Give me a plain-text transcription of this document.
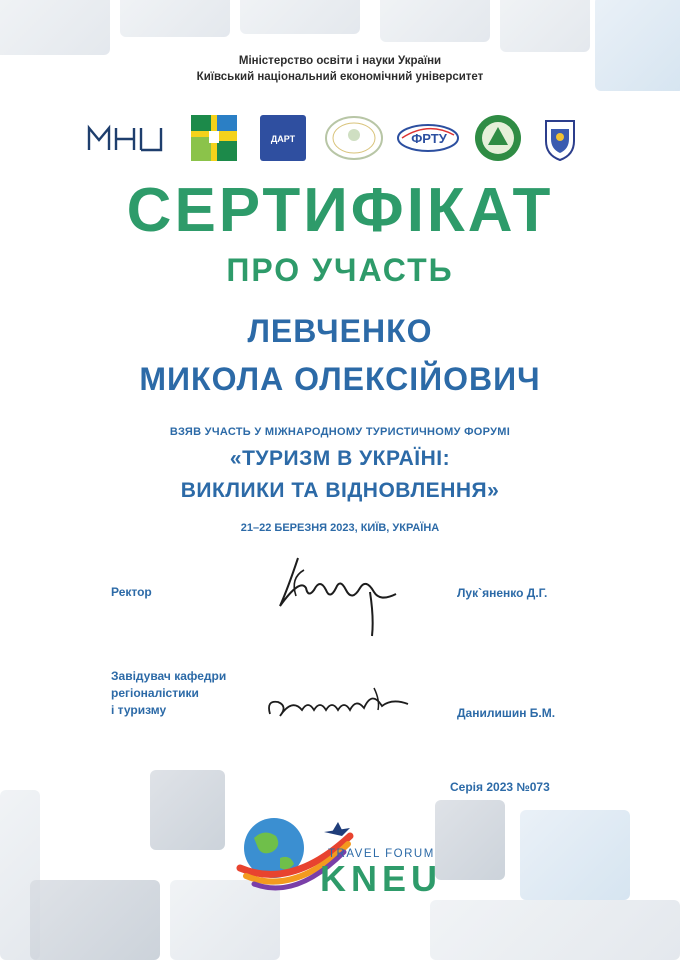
Міністерство освіти і науки України
Київський національний економічний університет
ДАРТ	ФРТУ
СЕРТИФІКАТ
ПРО УЧАСТЬ
ЛЕВЧЕНКО
МИКОЛА ОЛЕКСІЙОВИЧ
ВЗЯВ УЧАСТЬ У МІЖНАРОДНОМУ ТУРИСТИЧНОМУ ФОРУМІ
«ТУРИЗМ В УКРАЇНІ:
ВИКЛИКИ ТА ВІДНОВЛЕННЯ»
21–22 БЕРЕЗНЯ 2023, КИЇВ, УКРАЇНА
Ректор	Лук`яненко Д.Г.
Завідувач кафедри
регіоналістики
і туризму	Данилишин Б.М.
Серія 2023 №073
TRAVEL FORUM
KNEU
